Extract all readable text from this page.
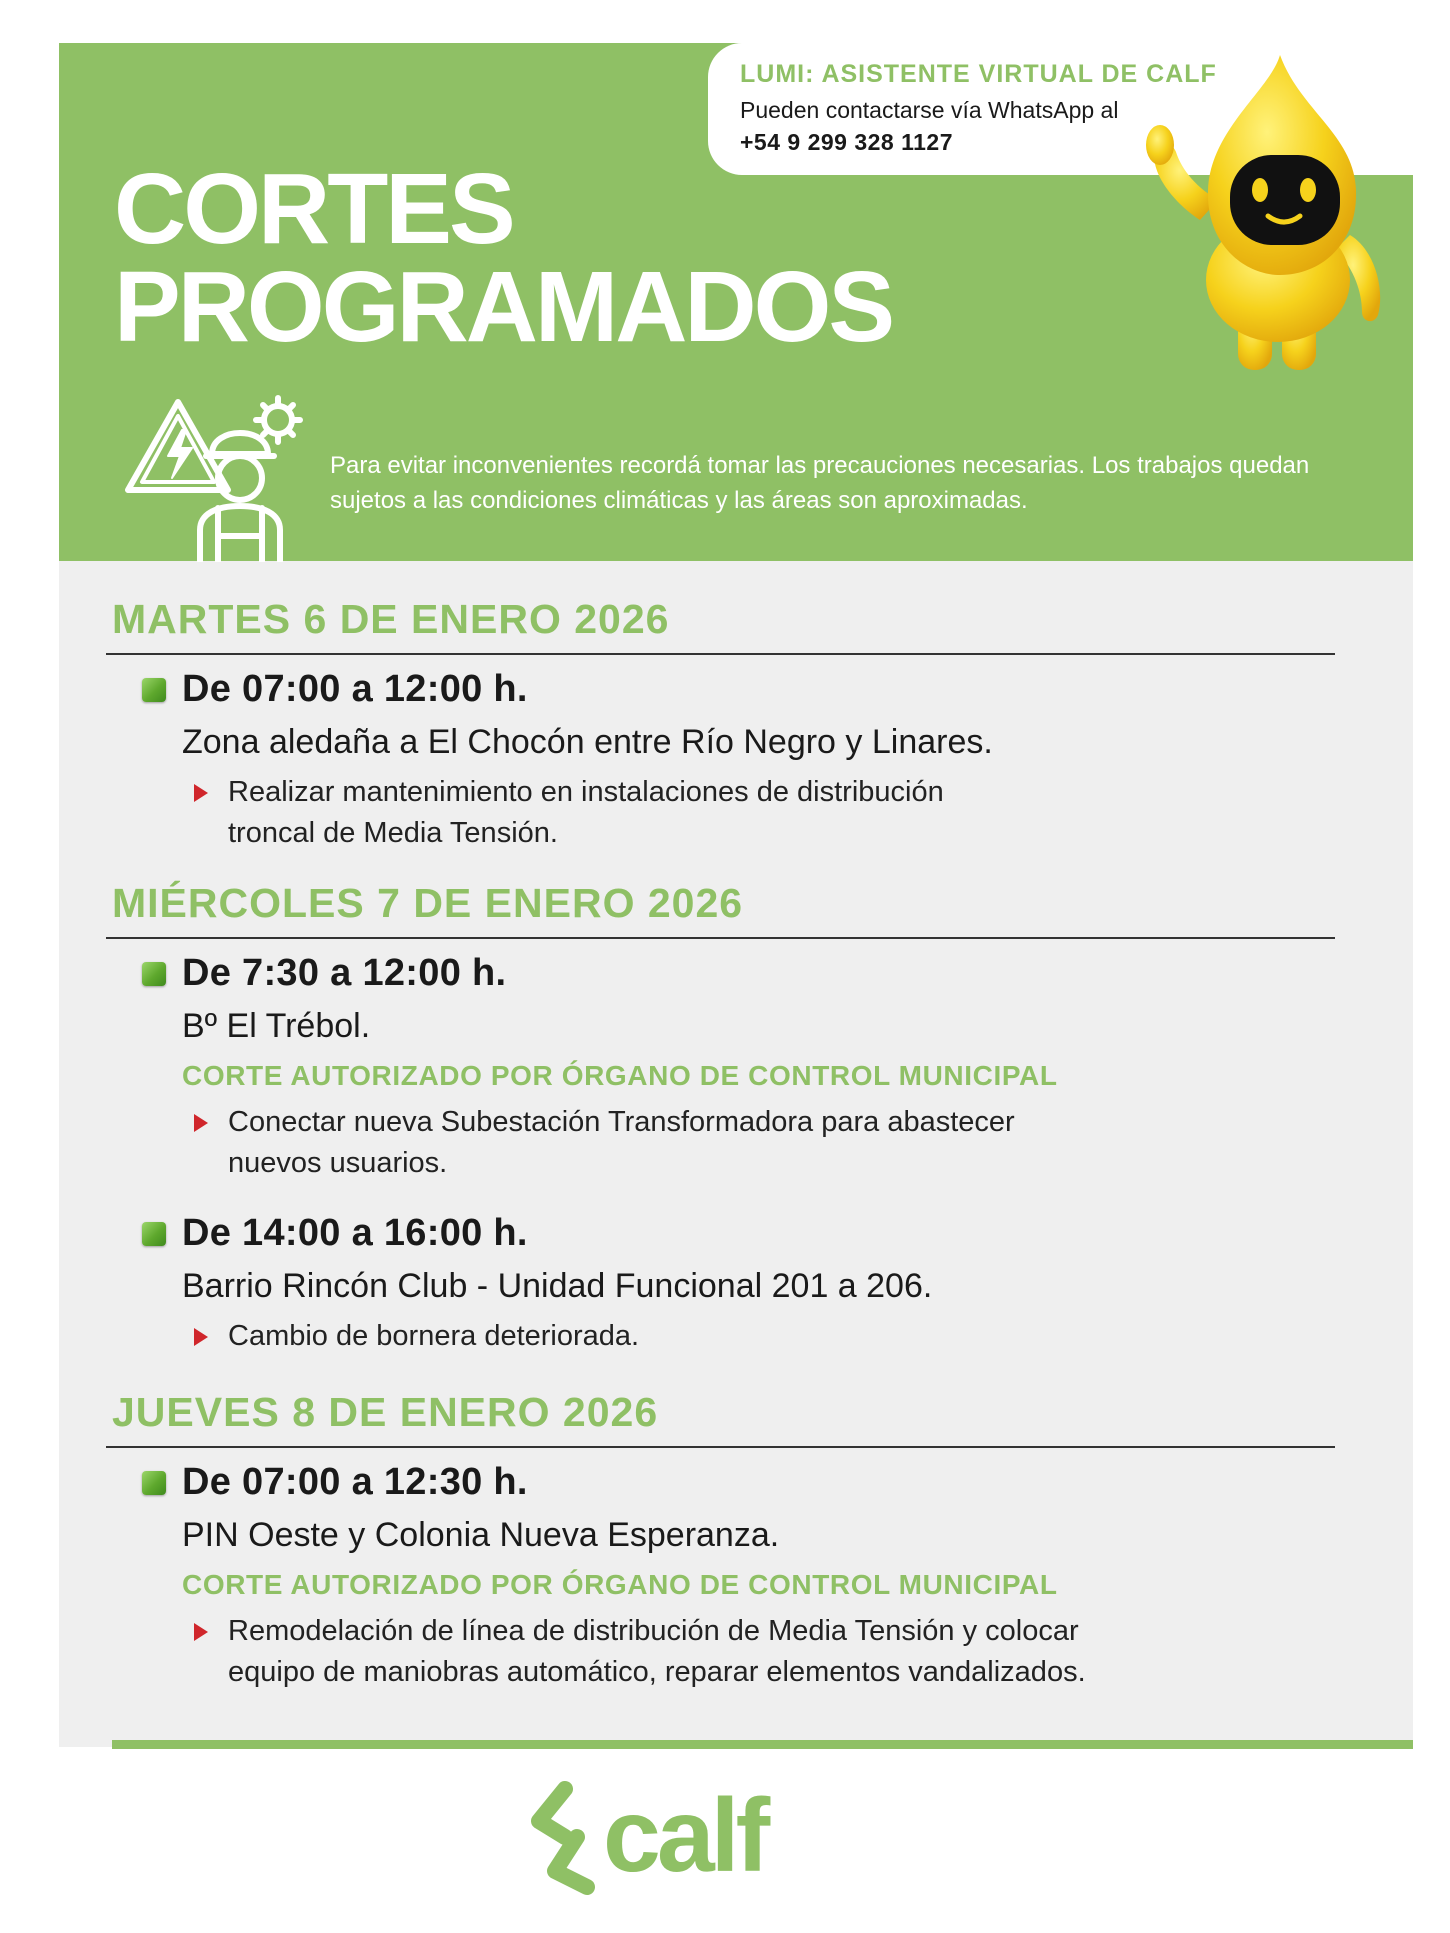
LUMI: ASISTENTE VIRTUAL DE CALF
Pueden contactarse vía WhatsApp al
+54 9 299 328 1127
CORTES
PROGRAMADOS
Para evitar inconvenientes recordá tomar las precauciones necesarias. Los trabajos quedan sujetos a las condiciones climáticas y las áreas son aproximadas.
MARTES 6 DE ENERO 2026
De 07:00 a 12:00 h.
Zona aledaña a El Chocón entre Río Negro y Linares.
Realizar mantenimiento en instalaciones de distribución
troncal de Media Tensión.
MIÉRCOLES 7 DE ENERO 2026
De 7:30 a 12:00 h.
Bº El Trébol.
CORTE AUTORIZADO POR ÓRGANO DE CONTROL MUNICIPAL
Conectar nueva Subestación Transformadora para abastecer
nuevos usuarios.
De 14:00 a 16:00 h.
Barrio Rincón Club - Unidad Funcional 201 a 206.
Cambio de bornera deteriorada.
JUEVES 8 DE ENERO 2026
De 07:00 a 12:30 h.
PIN Oeste y Colonia Nueva Esperanza.
CORTE AUTORIZADO POR ÓRGANO DE CONTROL MUNICIPAL
Remodelación de línea de distribución de Media Tensión y colocar
equipo de maniobras automático, reparar elementos vandalizados.
calf
